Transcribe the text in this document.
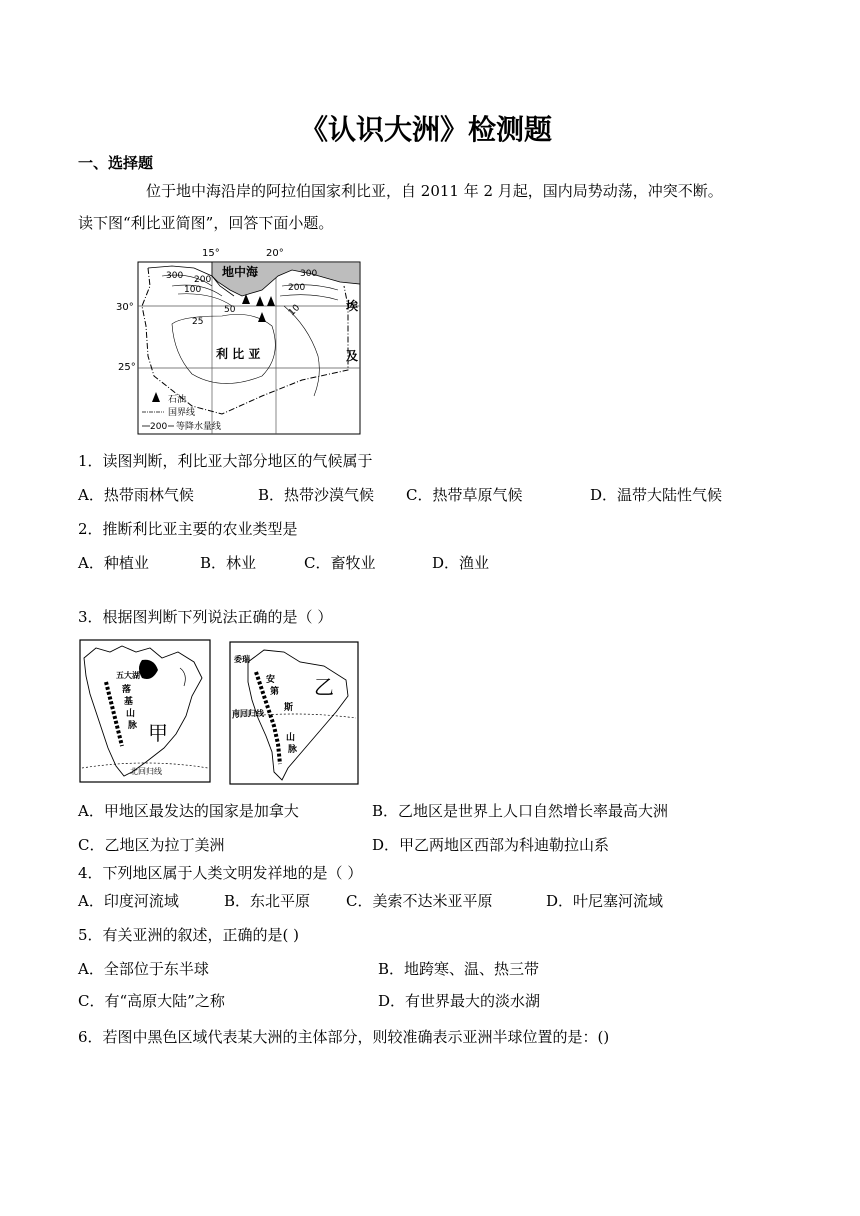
《认识大洲》检测题
一、选择题
位于地中海沿岸的阿拉伯国家利比亚，自 2011 年 2 月起，国内局势动荡，冲突不断。
读下图“利比亚简图”，回答下面小题。
15°	20°
30°
25°
地中海
300 200
100
50
25
300
200
10
利 比 亚
埃
及
石油
国界线
200 等降水量线
1．读图判断，利比亚大部分地区的气候属于
A．热带雨林气候	B．热带沙漠气候 C．热带草原气候	D．温带大陆性气候
2．推断利比亚主要的农业类型是
A．种植业	B．林业	C．畜牧业	D．渔业
3．根据图判断下列说法正确的是（ ）
五大湖
落
基
山
脉 甲
北回归线
委瑞
安
第
斯
山
脉
乙
南回归线
A．甲地区最发达的国家是加拿大	B．乙地区是世界上人口自然增长率最高大洲
C．乙地区为拉丁美洲	D．甲乙两地区西部为科迪勒拉山系
4．下列地区属于人类文明发祥地的是（ ）
A．印度河流域	B．东北平原 C．美索不达米亚平原	D．叶尼塞河流域
5．有关亚洲的叙述，正确的是( )
A．全部位于东半球	B．地跨寒、温、热三带
C．有“高原大陆”之称	D．有世界最大的淡水湖
6．若图中黑色区域代表某大洲的主体部分，则较准确表示亚洲半球位置的是：()
